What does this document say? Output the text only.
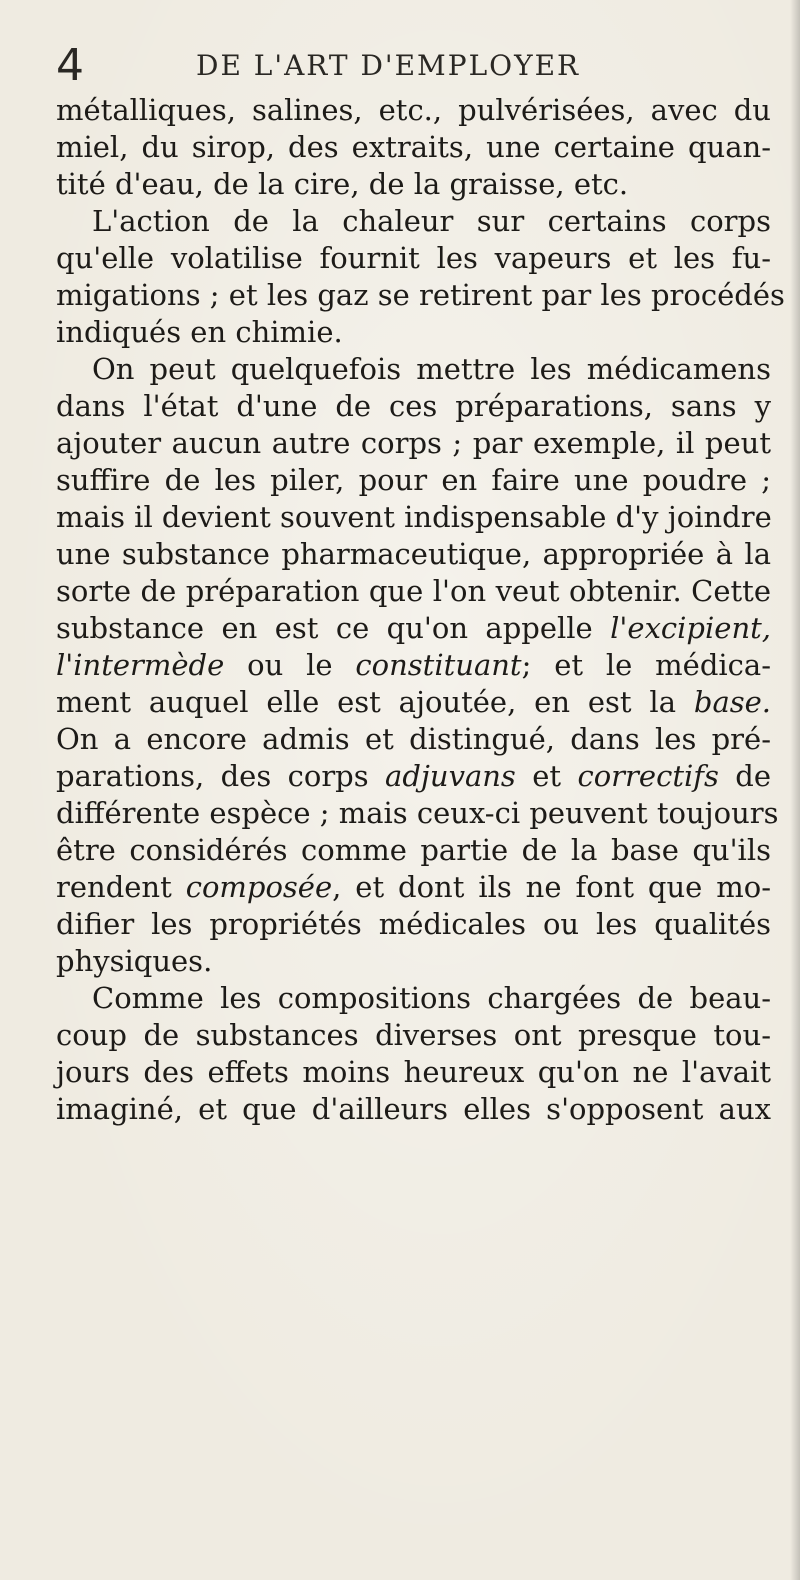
4	DE L'ART D'EMPLOYER
métalliques, salines, etc., pulvérisées, avec du
miel, du sirop, des extraits, une certaine quan-
tité d'eau, de la cire, de la graisse, etc.
L'action de la chaleur sur certains corps
qu'elle volatilise fournit les vapeurs et les fu-
migations ; et les gaz se retirent par les procédés
indiqués en chimie.
On peut quelquefois mettre les médicamens
dans l'état d'une de ces préparations, sans y
ajouter aucun autre corps ; par exemple, il peut
suffire de les piler, pour en faire une poudre ;
mais il devient souvent indispensable d'y joindre
une substance pharmaceutique, appropriée à la
sorte de préparation que l'on veut obtenir. Cette
substance en est ce qu'on appelle l'excipient,
l'intermède ou le constituant; et le médica-
ment auquel elle est ajoutée, en est la base.
On a encore admis et distingué, dans les pré-
parations, des corps adjuvans et correctifs de
différente espèce ; mais ceux-ci peuvent toujours
être considérés comme partie de la base qu'ils
rendent composée, et dont ils ne font que mo-
difier les propriétés médicales ou les qualités
physiques.
Comme les compositions chargées de beau-
coup de substances diverses ont presque tou-
jours des effets moins heureux qu'on ne l'avait
imaginé, et que d'ailleurs elles s'opposent aux
